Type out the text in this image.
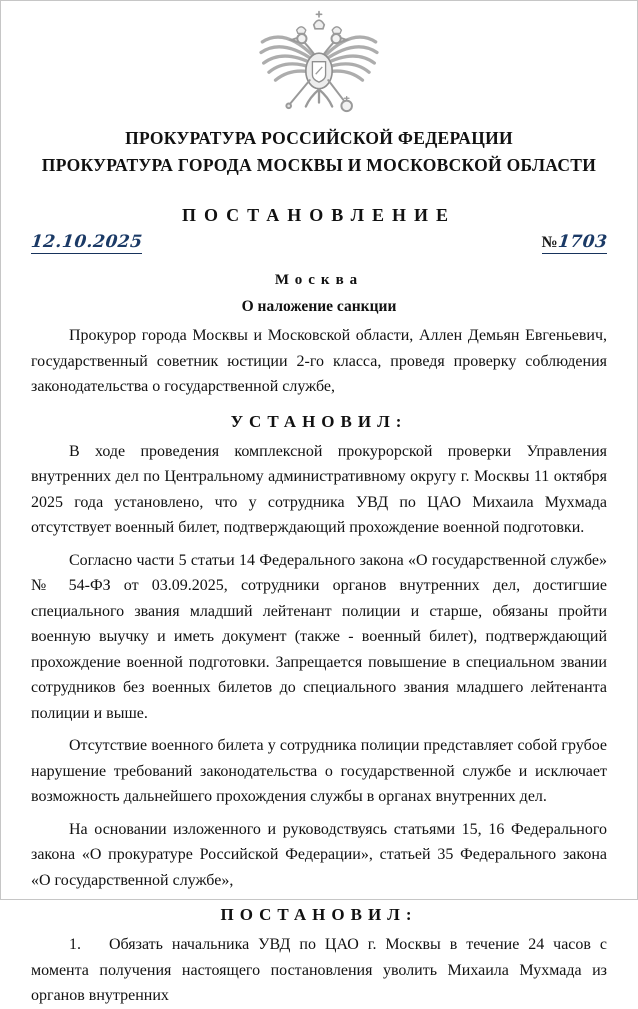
ПРОКУРАТУРА РОССИЙСКОЙ ФЕДЕРАЦИИ
ПРОКУРАТУРА ГОРОДА МОСКВЫ И МОСКОВСКОЙ ОБЛАСТИ
ПОСТАНОВЛЕНИЕ
12.10.2025	№1703
Москва
О наложение санкции

Прокурор города Москвы и Московской области, Аллен Демьян Евгеньевич, государственный советник юстиции 2-го класса, проведя проверку соблюдения законодательства о государственной службе,

УСТАНОВИЛ:

В ходе проведения комплексной прокурорской проверки Управления внутренних дел по Центральному административному округу г. Москвы 11 октября 2025 года установлено, что у сотрудника УВД по ЦАО Михаила Мухмада отсутствует военный билет, подтверждающий прохождение военной подготовки.

Согласно части 5 статьи 14 Федерального закона «О государственной службе» № 54-ФЗ от 03.09.2025, сотрудники органов внутренних дел, достигшие специального звания младший лейтенант полиции и старше, обязаны пройти военную выучку и иметь документ (также - военный билет), подтверждающий прохождение военной подготовки. Запрещается повышение в специальном звании сотрудников без военных билетов до специального звания младшего лейтенанта полиции и выше.

Отсутствие военного билета у сотрудника полиции представляет собой грубое нарушение требований законодательства о государственной службе и исключает возможность дальнейшего прохождения службы в органах внутренних дел.

На основании изложенного и руководствуясь статьями 15, 16 Федерального закона «О прокуратуре Российской Федерации», статьей 35 Федерального закона «О государственной службе»,

ПОСТАНОВИЛ:

1. Обязать начальника УВД по ЦАО г. Москвы в течение 24 часов с момента получения настоящего постановления уволить Михаила Мухмада из органов внутренних
